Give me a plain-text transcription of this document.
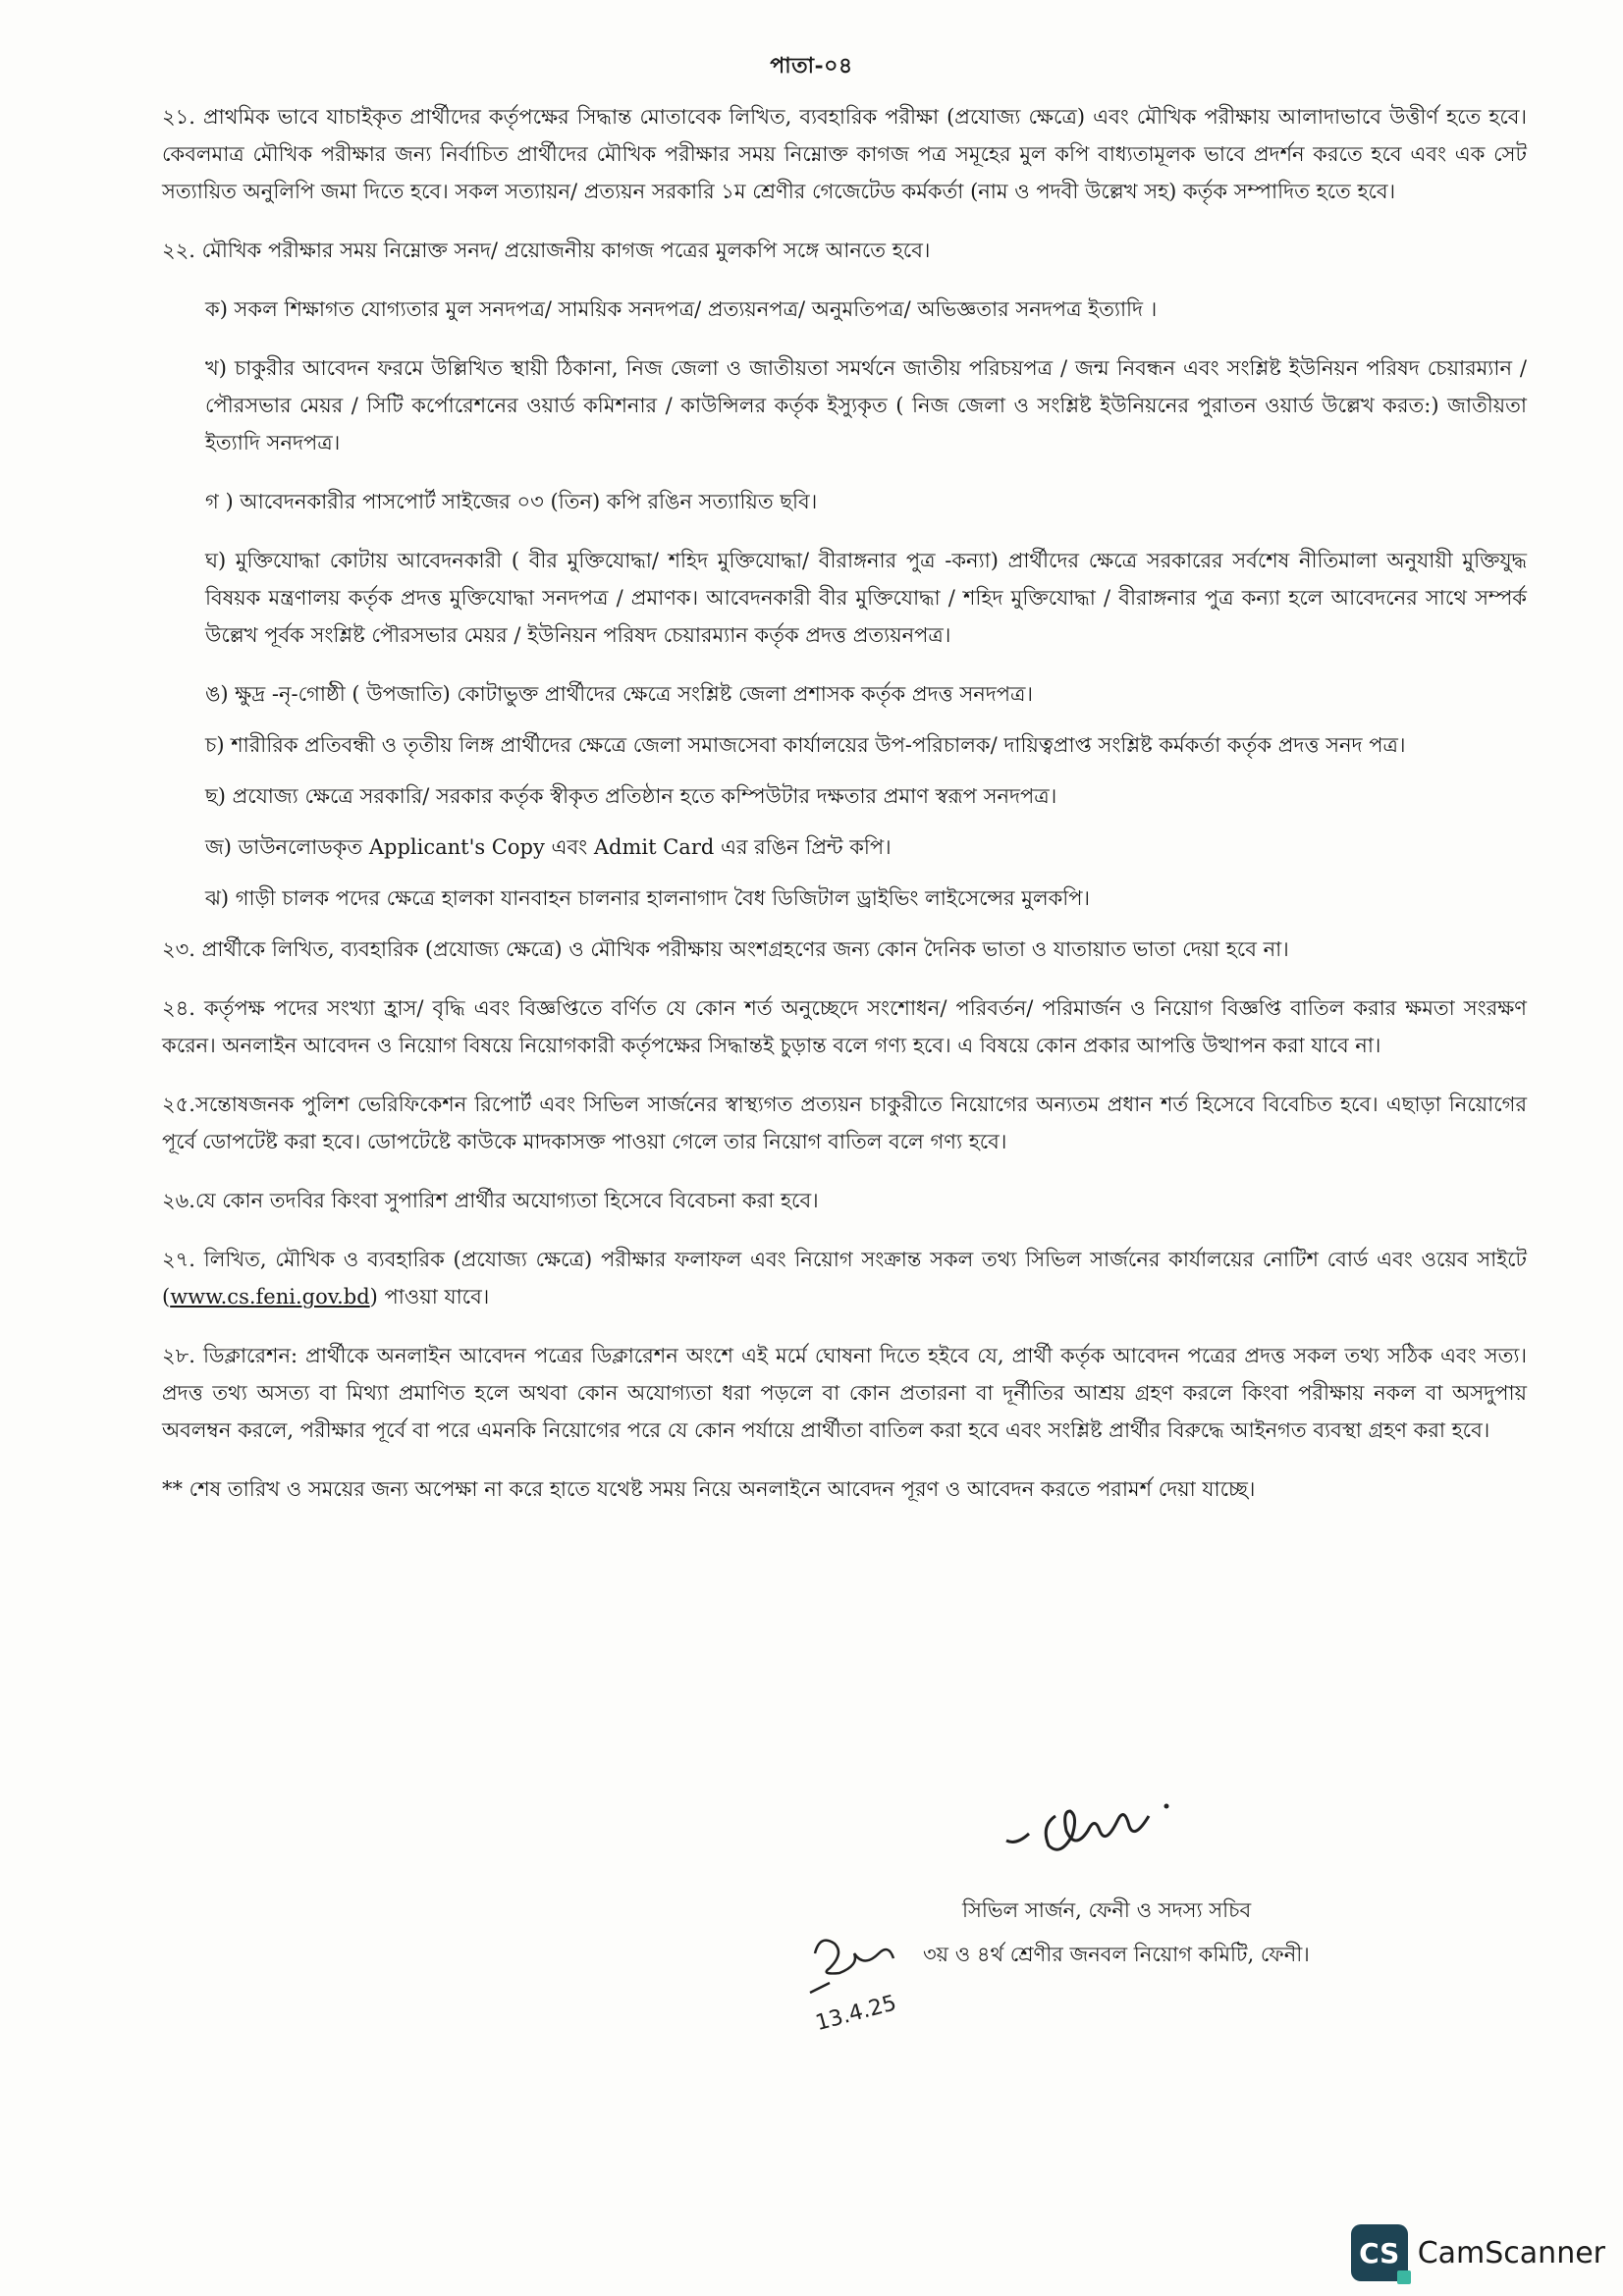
পাতা-০৪

২১. প্রাথমিক ভাবে যাচাইকৃত প্রার্থীদের কর্তৃপক্ষের সিদ্ধান্ত মোতাবেক লিখিত, ব্যবহারিক পরীক্ষা (প্রযোজ্য ক্ষেত্রে) এবং মৌখিক পরীক্ষায় আলাদাভাবে উত্তীর্ণ হতে হবে। কেবলমাত্র মৌখিক পরীক্ষার জন্য নির্বাচিত প্রার্থীদের মৌখিক পরীক্ষার সময় নিম্নোক্ত কাগজ পত্র সমূহের মুল কপি বাধ্যতামূলক ভাবে প্রদর্শন করতে হবে এবং এক সেট সত্যায়িত অনুলিপি জমা দিতে হবে। সকল সত্যায়ন/ প্রত্যয়ন সরকারি ১ম শ্রেণীর গেজেটেড কর্মকর্তা (নাম ও পদবী উল্লেখ সহ) কর্তৃক সম্পাদিত হতে হবে।

২২. মৌখিক পরীক্ষার সময় নিম্নোক্ত সনদ/ প্রয়োজনীয় কাগজ পত্রের মুলকপি সঙ্গে আনতে হবে।

ক) সকল শিক্ষাগত যোগ্যতার মুল সনদপত্র/ সাময়িক সনদপত্র/ প্রত্যয়নপত্র/ অনুমতিপত্র/ অভিজ্ঞতার সনদপত্র ইত্যাদি ।

খ) চাকুরীর আবেদন ফরমে উল্লিখিত স্থায়ী ঠিকানা, নিজ জেলা ও জাতীয়তা সমর্থনে জাতীয় পরিচয়পত্র / জন্ম নিবন্ধন এবং সংশ্লিষ্ট ইউনিয়ন পরিষদ চেয়ারম্যান / পৌরসভার মেয়র / সিটি কর্পোরেশনের ওয়ার্ড কমিশনার / কাউন্সিলর কর্তৃক ইস্যুকৃত ( নিজ জেলা ও সংশ্লিষ্ট ইউনিয়নের পুরাতন ওয়ার্ড উল্লেখ করত:) জাতীয়তা ইত্যাদি সনদপত্র।

গ ) আবেদনকারীর পাসপোর্ট সাইজের ০৩ (তিন) কপি রঙিন সত্যায়িত ছবি।

ঘ) মুক্তিযোদ্ধা কোটায় আবেদনকারী ( বীর মুক্তিযোদ্ধা/ শহিদ মুক্তিযোদ্ধা/ বীরাঙ্গনার পুত্র -কন্যা) প্রার্থীদের ক্ষেত্রে সরকারের সর্বশেষ নীতিমালা অনুযায়ী মুক্তিযুদ্ধ বিষয়ক মন্ত্রণালয় কর্তৃক প্রদত্ত মুক্তিযোদ্ধা সনদপত্র / প্রমাণক। আবেদনকারী বীর মুক্তিযোদ্ধা / শহিদ মুক্তিযোদ্ধা / বীরাঙ্গনার পুত্র কন্যা হলে আবেদনের সাথে সম্পর্ক উল্লেখ পূর্বক সংশ্লিষ্ট পৌরসভার মেয়র / ইউনিয়ন পরিষদ চেয়ারম্যান কর্তৃক প্রদত্ত প্রত্যয়নপত্র।

ঙ) ক্ষুদ্র -নৃ-গোষ্ঠী ( উপজাতি) কোটাভুক্ত প্রার্থীদের ক্ষেত্রে সংশ্লিষ্ট জেলা প্রশাসক কর্তৃক প্রদত্ত সনদপত্র।

চ) শারীরিক প্রতিবন্ধী ও তৃতীয় লিঙ্গ প্রার্থীদের ক্ষেত্রে জেলা সমাজসেবা কার্যালয়ের উপ-পরিচালক/ দায়িত্বপ্রাপ্ত সংশ্লিষ্ট কর্মকর্তা কর্তৃক প্রদত্ত সনদ পত্র।

ছ) প্রযোজ্য ক্ষেত্রে সরকারি/ সরকার কর্তৃক স্বীকৃত প্রতিষ্ঠান হতে কম্পিউটার দক্ষতার প্রমাণ স্বরূপ সনদপত্র।

জ) ডাউনলোডকৃত Applicant's Copy এবং Admit Card এর রঙিন প্রিন্ট কপি।

ঝ) গাড়ী চালক পদের ক্ষেত্রে হালকা যানবাহন চালনার হালনাগাদ বৈধ ডিজিটাল ড্রাইভিং লাইসেন্সের মুলকপি।

২৩. প্রার্থীকে লিখিত, ব্যবহারিক (প্রযোজ্য ক্ষেত্রে) ও মৌখিক পরীক্ষায় অংশগ্রহণের জন্য কোন দৈনিক ভাতা ও যাতায়াত ভাতা দেয়া হবে না।

২৪. কর্তৃপক্ষ পদের সংখ্যা হ্রাস/ বৃদ্ধি এবং বিজ্ঞপ্তিতে বর্ণিত যে কোন শর্ত অনুচ্ছেদে সংশোধন/ পরিবর্তন/ পরিমার্জন ও নিয়োগ বিজ্ঞপ্তি বাতিল করার ক্ষমতা সংরক্ষণ করেন। অনলাইন আবেদন ও নিয়োগ বিষয়ে নিয়োগকারী কর্তৃপক্ষের সিদ্ধান্তই চুড়ান্ত বলে গণ্য হবে। এ বিষয়ে কোন প্রকার আপত্তি উত্থাপন করা যাবে না।

২৫.সন্তোষজনক পুলিশ ভেরিফিকেশন রিপোর্ট এবং সিভিল সার্জনের স্বাস্থ্যগত প্রত্যয়ন চাকুরীতে নিয়োগের অন্যতম প্রধান শর্ত হিসেবে বিবেচিত হবে। এছাড়া নিয়োগের পূর্বে ডোপটেষ্ট করা হবে। ডোপটেষ্টে কাউকে মাদকাসক্ত পাওয়া গেলে তার নিয়োগ বাতিল বলে গণ্য হবে।

২৬.যে কোন তদবির কিংবা সুপারিশ প্রার্থীর অযোগ্যতা হিসেবে বিবেচনা করা হবে।

২৭. লিখিত, মৌখিক ও ব্যবহারিক (প্রযোজ্য ক্ষেত্রে) পরীক্ষার ফলাফল এবং নিয়োগ সংক্রান্ত সকল তথ্য সিভিল সার্জনের কার্যালয়ের নোটিশ বোর্ড এবং ওয়েব সাইটে (www.cs.feni.gov.bd) পাওয়া যাবে।

২৮. ডিক্লারেশন: প্রার্থীকে অনলাইন আবেদন পত্রের ডিক্লারেশন অংশে এই মর্মে ঘোষনা দিতে হইবে যে, প্রার্থী কর্তৃক আবেদন পত্রের প্রদত্ত সকল তথ্য সঠিক এবং সত্য। প্রদত্ত তথ্য অসত্য বা মিথ্যা প্রমাণিত হলে অথবা কোন অযোগ্যতা ধরা পড়লে বা কোন প্রতারনা বা দূর্নীতির আশ্রয় গ্রহণ করলে কিংবা পরীক্ষায় নকল বা অসদুপায় অবলম্বন করলে, পরীক্ষার পূর্বে বা পরে এমনকি নিয়োগের পরে যে কোন পর্যায়ে প্রার্থীতা বাতিল করা হবে এবং সংশ্লিষ্ট প্রার্থীর বিরুদ্ধে আইনগত ব্যবস্থা গ্রহণ করা হবে।

** শেষ তারিখ ও সময়ের জন্য অপেক্ষা না করে হাতে যথেষ্ট সময় নিয়ে অনলাইনে আবেদন পূরণ ও আবেদন করতে পরামর্শ দেয়া যাচ্ছে।

সিভিল সার্জন, ফেনী ও সদস্য সচিব
৩য় ও ৪র্থ শ্রেণীর জনবল নিয়োগ কমিটি, ফেনী।
13.4.25
CS CamScanner
